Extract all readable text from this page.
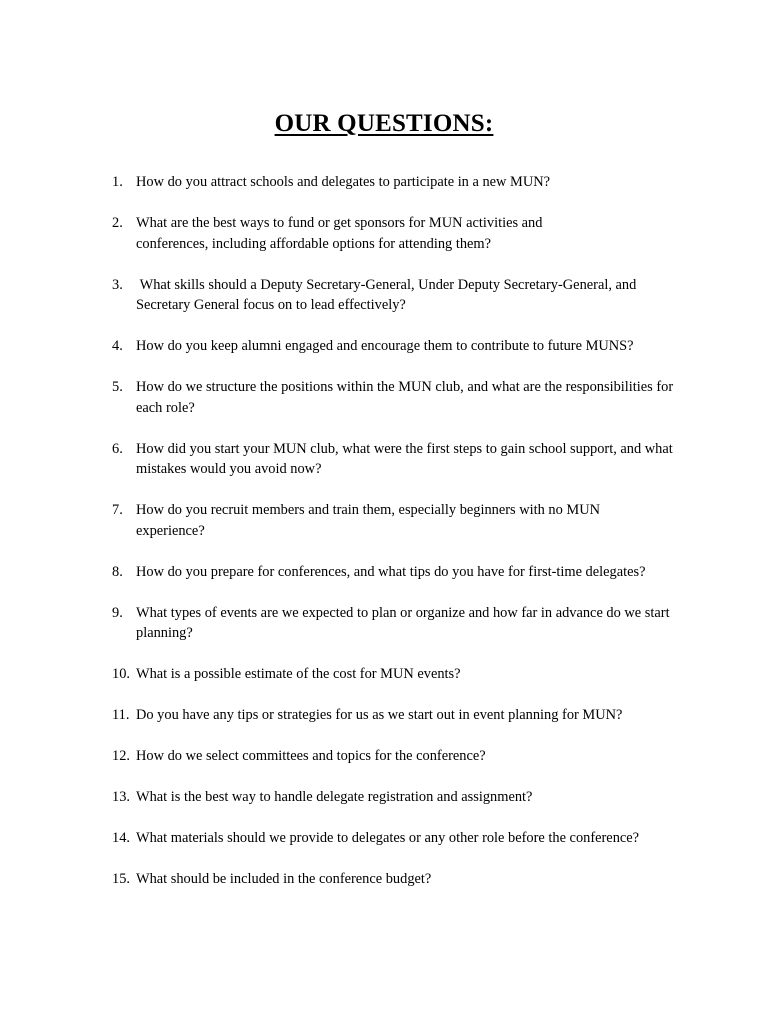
OUR QUESTIONS:
1. How do you attract schools and delegates to participate in a new MUN?
2. What are the best ways to fund or get sponsors for MUN activities and conferences, including affordable options for attending them?
3. What skills should a Deputy Secretary-General, Under Deputy Secretary-General, and Secretary General focus on to lead effectively?
4. How do you keep alumni engaged and encourage them to contribute to future MUNS?
5. How do we structure the positions within the MUN club, and what are the responsibilities for each role?
6. How did you start your MUN club, what were the first steps to gain school support, and what mistakes would you avoid now?
7. How do you recruit members and train them, especially beginners with no MUN experience?
8. How do you prepare for conferences, and what tips do you have for first-time delegates?
9. What types of events are we expected to plan or organize and how far in advance do we start planning?
10. What is a possible estimate of the cost for MUN events?
11. Do you have any tips or strategies for us as we start out in event planning for MUN?
12. How do we select committees and topics for the conference?
13. What is the best way to handle delegate registration and assignment?
14. What materials should we provide to delegates or any other role before the conference?
15. What should be included in the conference budget?
